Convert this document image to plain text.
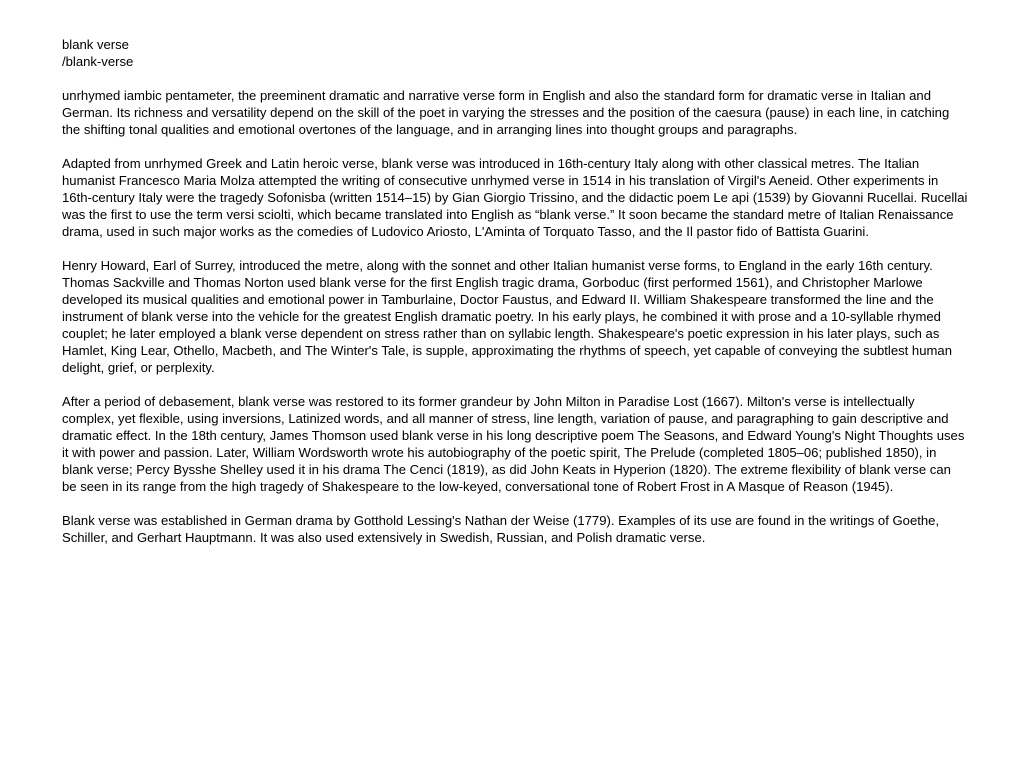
blank verse
/blank-verse

unrhymed iambic pentameter, the preeminent dramatic and narrative verse form in English and also the standard form for dramatic verse in Italian and German. Its richness and versatility depend on the skill of the poet in varying the stresses and the position of the caesura (pause) in each line, in catching the shifting tonal qualities and emotional overtones of the language, and in arranging lines into thought groups and paragraphs.

Adapted from unrhymed Greek and Latin heroic verse, blank verse was introduced in 16th-century Italy along with other classical metres. The Italian humanist Francesco Maria Molza attempted the writing of consecutive unrhymed verse in 1514 in his translation of Virgil's Aeneid. Other experiments in 16th-century Italy were the tragedy Sofonisba (written 1514–15) by Gian Giorgio Trissino, and the didactic poem Le api (1539) by Giovanni Rucellai. Rucellai was the first to use the term versi sciolti, which became translated into English as “blank verse.” It soon became the standard metre of Italian Renaissance drama, used in such major works as the comedies of Ludovico Ariosto, L'Aminta of Torquato Tasso, and the Il pastor fido of Battista Guarini.

Henry Howard, Earl of Surrey, introduced the metre, along with the sonnet and other Italian humanist verse forms, to England in the early 16th century. Thomas Sackville and Thomas Norton used blank verse for the first English tragic drama, Gorboduc (first performed 1561), and Christopher Marlowe developed its musical qualities and emotional power in Tamburlaine, Doctor Faustus, and Edward II. William Shakespeare transformed the line and the instrument of blank verse into the vehicle for the greatest English dramatic poetry. In his early plays, he combined it with prose and a 10-syllable rhymed couplet; he later employed a blank verse dependent on stress rather than on syllabic length. Shakespeare's poetic expression in his later plays, such as Hamlet, King Lear, Othello, Macbeth, and The Winter's Tale, is supple, approximating the rhythms of speech, yet capable of conveying the subtlest human delight, grief, or perplexity.

After a period of debasement, blank verse was restored to its former grandeur by John Milton in Paradise Lost (1667). Milton's verse is intellectually complex, yet flexible, using inversions, Latinized words, and all manner of stress, line length, variation of pause, and paragraphing to gain descriptive and dramatic effect. In the 18th century, James Thomson used blank verse in his long descriptive poem The Seasons, and Edward Young's Night Thoughts uses it with power and passion. Later, William Wordsworth wrote his autobiography of the poetic spirit, The Prelude (completed 1805–06; published 1850), in blank verse; Percy Bysshe Shelley used it in his drama The Cenci (1819), as did John Keats in Hyperion (1820). The extreme flexibility of blank verse can be seen in its range from the high tragedy of Shakespeare to the low-keyed, conversational tone of Robert Frost in A Masque of Reason (1945).

Blank verse was established in German drama by Gotthold Lessing's Nathan der Weise (1779). Examples of its use are found in the writings of Goethe, Schiller, and Gerhart Hauptmann. It was also used extensively in Swedish, Russian, and Polish dramatic verse.
